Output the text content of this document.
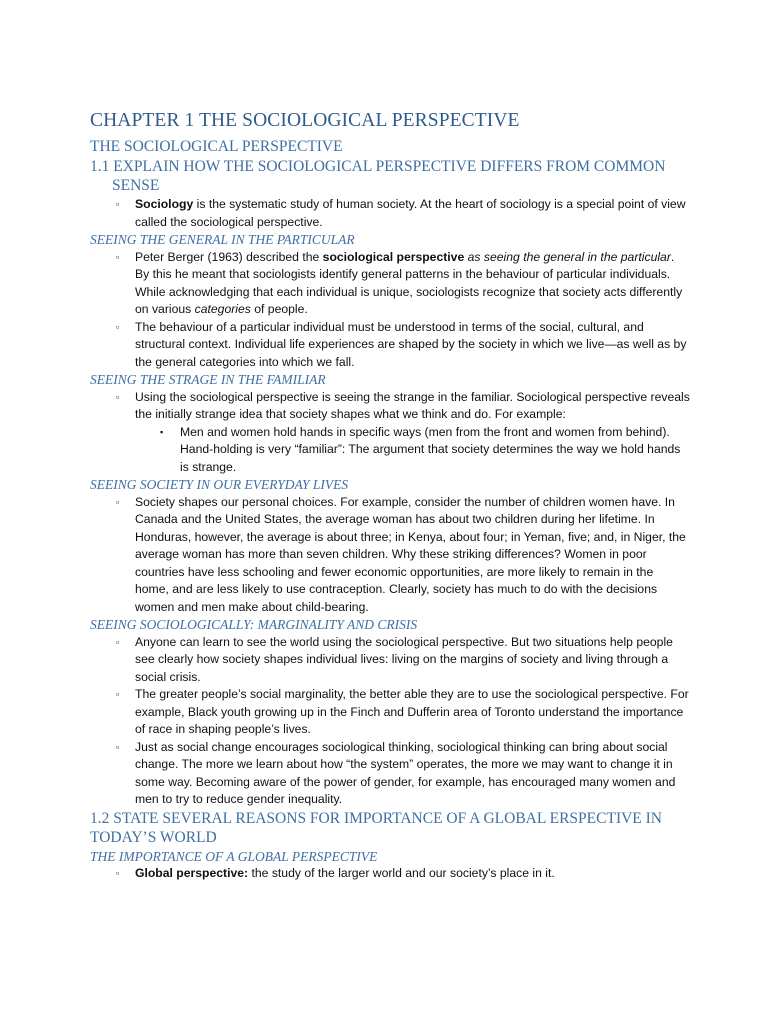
CHAPTER 1 THE SOCIOLOGICAL PERSPECTIVE
THE SOCIOLOGICAL PERSPECTIVE
1.1 EXPLAIN HOW THE SOCIOLOGICAL PERSPECTIVE DIFFERS FROM COMMON SENSE
▫ Sociology is the systematic study of human society. At the heart of sociology is a special point of view called the sociological perspective.
SEEING THE GENERAL IN THE PARTICULAR
▫ Peter Berger (1963) described the sociological perspective as seeing the general in the particular. By this he meant that sociologists identify general patterns in the behaviour of particular individuals. While acknowledging that each individual is unique, sociologists recognize that society acts differently on various categories of people.
▫ The behaviour of a particular individual must be understood in terms of the social, cultural, and structural context. Individual life experiences are shaped by the society in which we live—as well as by the general categories into which we fall.
SEEING THE STRAGE IN THE FAMILIAR
▫ Using the sociological perspective is seeing the strange in the familiar. Sociological perspective reveals the initially strange idea that society shapes what we think and do. For example:
▪ Men and women hold hands in specific ways (men from the front and women from behind). Hand-holding is very “familiar”: The argument that society determines the way we hold hands is strange.
SEEING SOCIETY IN OUR EVERYDAY LIVES
▫ Society shapes our personal choices. For example, consider the number of children women have. In Canada and the United States, the average woman has about two children during her lifetime. In Honduras, however, the average is about three; in Kenya, about four; in Yeman, five; and, in Niger, the average woman has more than seven children. Why these striking differences? Women in poor countries have less schooling and fewer economic opportunities, are more likely to remain in the home, and are less likely to use contraception. Clearly, society has much to do with the decisions women and men make about child-bearing.
SEEING SOCIOLOGICALLY: MARGINALITY AND CRISIS
▫ Anyone can learn to see the world using the sociological perspective. But two situations help people see clearly how society shapes individual lives: living on the margins of society and living through a social crisis.
▫ The greater people’s social marginality, the better able they are to use the sociological perspective. For example, Black youth growing up in the Finch and Dufferin area of Toronto understand the importance of race in shaping people’s lives.
▫ Just as social change encourages sociological thinking, sociological thinking can bring about social change. The more we learn about how “the system” operates, the more we may want to change it in some way. Becoming aware of the power of gender, for example, has encouraged many women and men to try to reduce gender inequality.
1.2 STATE SEVERAL REASONS FOR IMPORTANCE OF A GLOBAL ERSPECTIVE IN TODAY’S WORLD
THE IMPORTANCE OF A GLOBAL PERSPECTIVE
▫ Global perspective: the study of the larger world and our society’s place in it.
